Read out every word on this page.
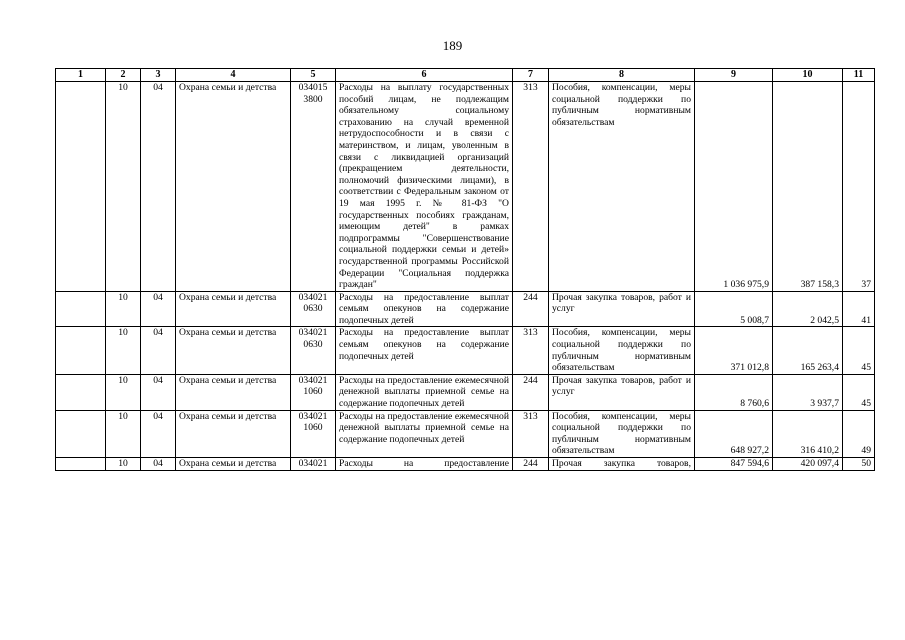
189
1	2	3	4	5	6	7	8	9	10	11
	10	04	Охрана семьи и детства	034015 3800	Расходы на выплату государственных пособий лицам, не подлежащим обязательному социальному страхованию на случай временной нетрудоспособности и в связи с материнством, и лицам, уволенным в связи с ликвидацией организаций (прекращением деятельности, полномочий физическими лицами), в соответствии с Федеральным законом от 19 мая 1995 г. № 81-ФЗ "О государственных пособиях гражданам, имеющим детей" в рамках подпрограммы "Совершенствование социальной поддержки семьи и детей» государственной программы Российской Федерации "Социальная поддержка граждан"	313	Пособия, компенсации, меры социальной поддержки по публичным нормативным обязательствам	1 036 975,9	387 158,3	37
	10	04	Охрана семьи и детства	034021 0630	Расходы на предоставление выплат семьям опекунов на содержание подопечных детей	244	Прочая закупка товаров, работ и услуг	5 008,7	2 042,5	41
	10	04	Охрана семьи и детства	034021 0630	Расходы на предоставление выплат семьям опекунов на содержание подопечных детей	313	Пособия, компенсации, меры социальной поддержки по публичным нормативным обязательствам	371 012,8	165 263,4	45
	10	04	Охрана семьи и детства	034021 1060	Расходы на предоставление ежемесячной денежной выплаты приемной семье на содержание подопечных детей	244	Прочая закупка товаров, работ и услуг	8 760,6	3 937,7	45
	10	04	Охрана семьи и детства	034021 1060	Расходы на предоставление ежемесячной денежной выплаты приемной семье на содержание подопечных детей	313	Пособия, компенсации, меры социальной поддержки по публичным нормативным обязательствам	648 927,2	316 410,2	49
	10	04	Охрана семьи и детства	034021	Расходы на предоставление	244	Прочая закупка товаров,	847 594,6	420 097,4	50
